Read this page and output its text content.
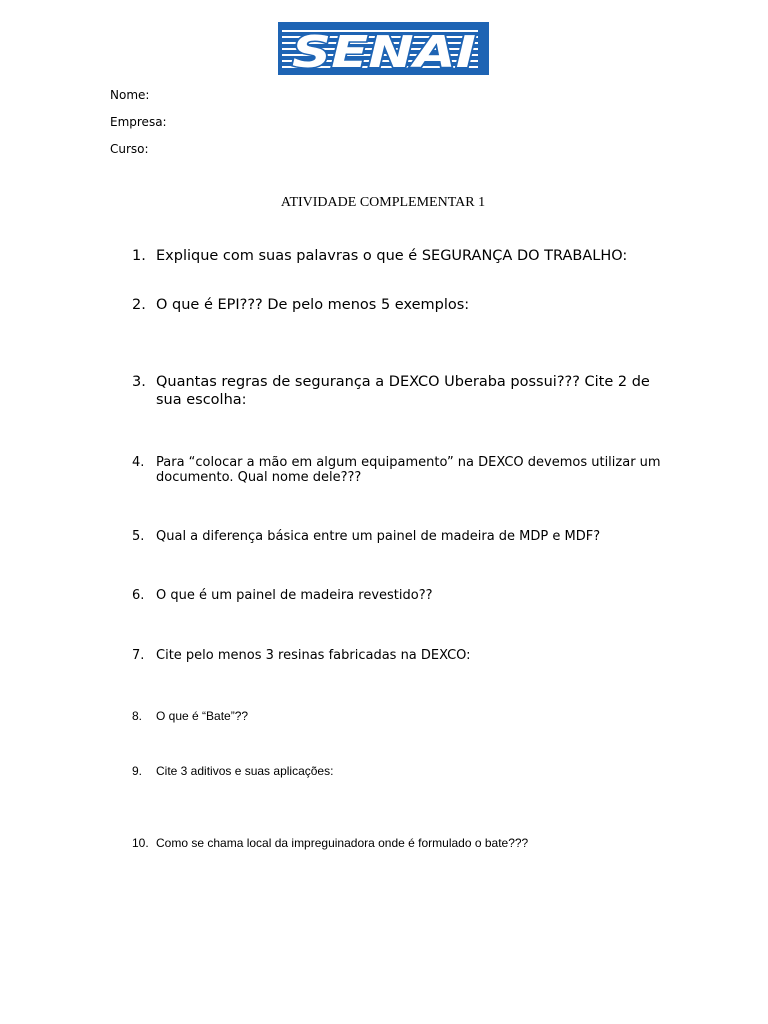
SENAI
Nome:
Empresa:
Curso:
ATIVIDADE COMPLEMENTAR 1
1. Explique com suas palavras o que é SEGURANÇA DO TRABALHO:
2. O que é EPI??? De pelo menos 5 exemplos:
3. Quantas regras de segurança a DEXCO Uberaba possui??? Cite 2 de sua escolha:
4. Para “colocar a mão em algum equipamento” na DEXCO devemos utilizar um documento. Qual nome dele???
5. Qual a diferença básica entre um painel de madeira de MDP e MDF?
6. O que é um painel de madeira revestido??
7. Cite pelo menos 3 resinas fabricadas na DEXCO:
8. O que é “Bate”??
9. Cite 3 aditivos e suas aplicações:
10. Como se chama local da impreguinadora onde é formulado o bate???
